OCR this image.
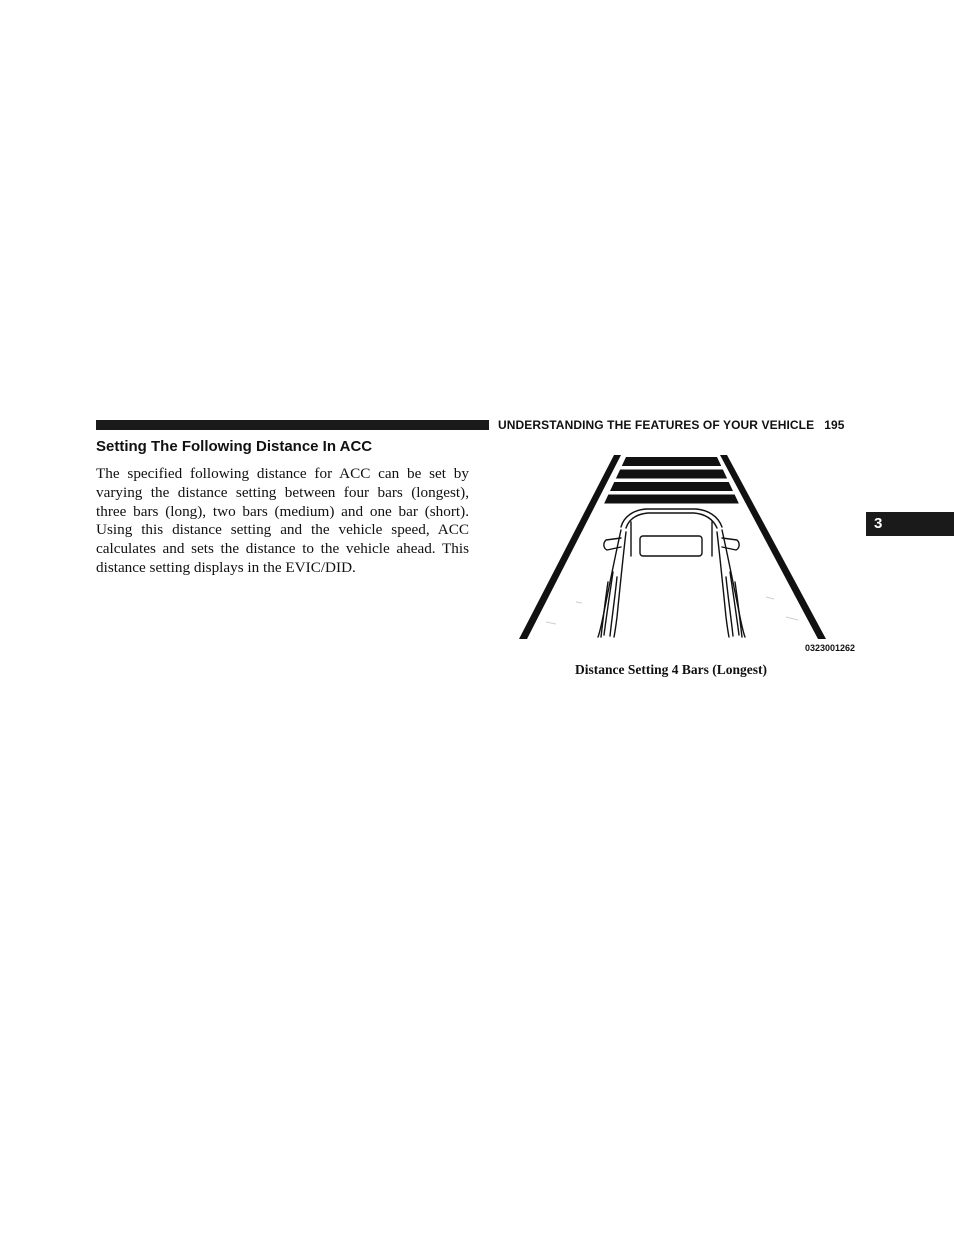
UNDERSTANDING THE FEATURES OF YOUR VEHICLE 195
3
Setting The Following Distance In ACC

The specified following distance for ACC can be set by varying the distance setting between four bars (longest), three bars (long), two bars (medium) and one bar (short). Using this distance setting and the vehicle speed, ACC calculates and sets the distance to the vehicle ahead. This distance setting displays in the EVIC/DID.

0323001262
Distance Setting 4 Bars (Longest)
